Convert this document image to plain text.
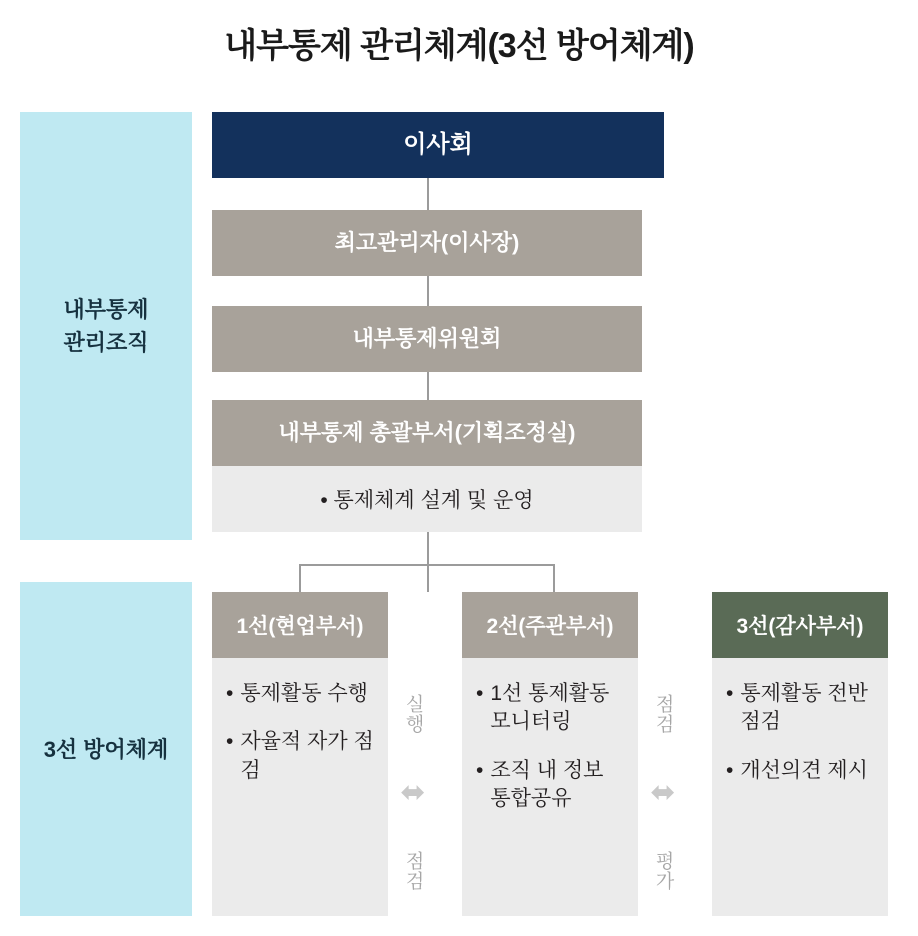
내부통제 관리체계(3선 방어체계)
내부통제
관리조직
3선 방어체계
이사회
최고관리자(이사장)
내부통제위원회
내부통제 총괄부서(기획조정실)
• 통제체계 설계 및 운영
1선(현업부서)
• 통제활동 수행
• 자율적 자가 점검
실행
⬌
점검
2선(주관부서)
• 1선 통제활동 모니터링
• 조직 내 정보 통합공유
점검
⬌
평가
3선(감사부서)
• 통제활동 전반 점검
• 개선의견 제시
